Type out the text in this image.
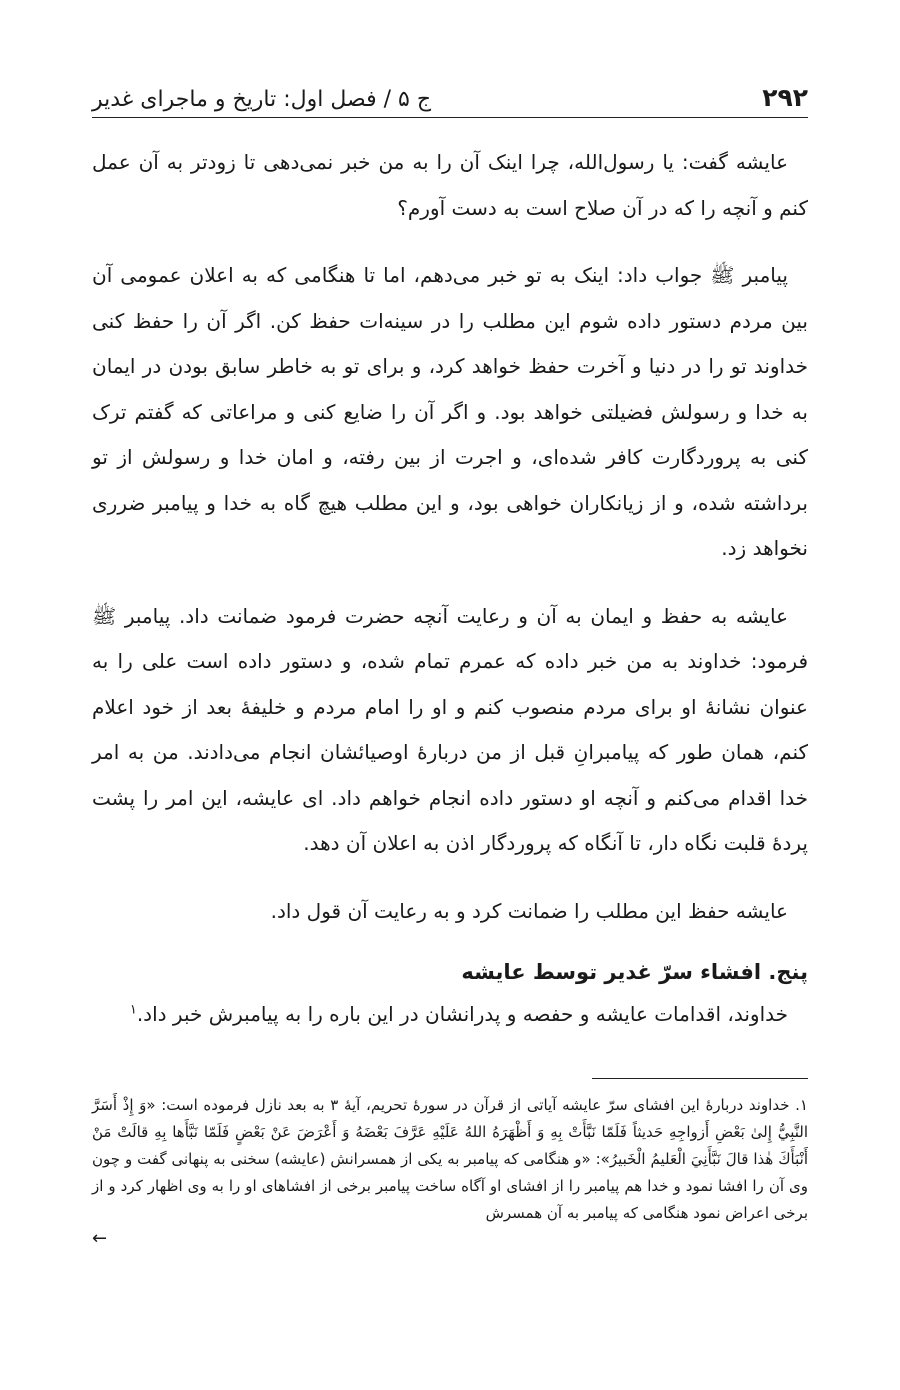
۲۹۲
ج ۵ / فصل اول: تاریخ و ماجرای غدیر

عایشه گفت: یا رسول‌الله، چرا اینک آن را به من خبر نمی‌دهی تا زودتر به آن عمل کنم و آنچه را که در آن صلاح است به دست آورم؟

پیامبر ﷺ جواب داد: اینک به تو خبر می‌دهم، اما تا هنگامی که به اعلان عمومی آن بین مردم دستور داده شوم این مطلب را در سینه‌ات حفظ کن. اگر آن را حفظ کنی خداوند تو را در دنیا و آخرت حفظ خواهد کرد، و برای تو به خاطر سابق بودن در ایمان به خدا و رسولش فضیلتی خواهد بود. و اگر آن را ضایع کنی و مراعاتی که گفتم ترک کنی به پروردگارت کافر شده‌ای، و اجرت از بین رفته، و امان خدا و رسولش از تو برداشته شده، و از زیانکاران خواهی بود، و این مطلب هیچ گاه به خدا و پیامبر ضرری نخواهد زد.

عایشه به حفظ و ایمان به آن و رعایت آنچه حضرت فرمود ضمانت داد. پیامبر ﷺ فرمود: خداوند به من خبر داده که عمرم تمام شده، و دستور داده است علی را به عنوان نشانهٔ او برای مردم منصوب کنم و او را امام مردم و خلیفهٔ بعد از خود اعلام کنم، همان طور که پیامبرانِ قبل از من دربارهٔ اوصیائشان انجام می‌دادند. من به امر خدا اقدام می‌کنم و آنچه او دستور داده انجام خواهم داد. ای عایشه، این امر را پشت پردهٔ قلبت نگاه دار، تا آنگاه که پروردگار اذن به اعلان آن دهد.

عایشه حفظ این مطلب را ضمانت کرد و به رعایت آن قول داد.

پنج. افشاء سرّ غدیر توسط عایشه

خداوند، اقدامات عایشه و حفصه و پدرانشان در این باره را به پیامبرش خبر داد.$^۱$

۱. خداوند دربارهٔ این افشای سرّ عایشه آیاتی از قرآن در سورهٔ تحریم، آیهٔ ۳ به بعد نازل فرموده است: «وَ إِذْ أَسَرَّ النَّبِيُّ إِلىٰ بَعْضِ أَزواجِهِ حَديثاً فَلَمّا نَبَّأَتْ بِهِ وَ أَظْهَرَهُ اللهُ عَلَيْهِ عَرَّفَ بَعْضَهُ وَ أَعْرَضَ عَنْ بَعْضٍ فَلَمّا نَبَّأَها بِهِ قالَتْ مَنْ أَنْبَأَكَ هٰذا قالَ نَبَّأَنِيَ الْعَليمُ الْخَبيرُ»: «و هنگامی که پیامبر به یکی از همسرانش (عایشه) سخنی به پنهانی گفت و چون وی آن را افشا نمود و خدا هم پیامبر را از افشای او آگاه ساخت پیامبر برخی از افشاهای او را به وی اظهار کرد و از برخی اعراض نمود هنگامی که پیامبر به آن همسرش

←
